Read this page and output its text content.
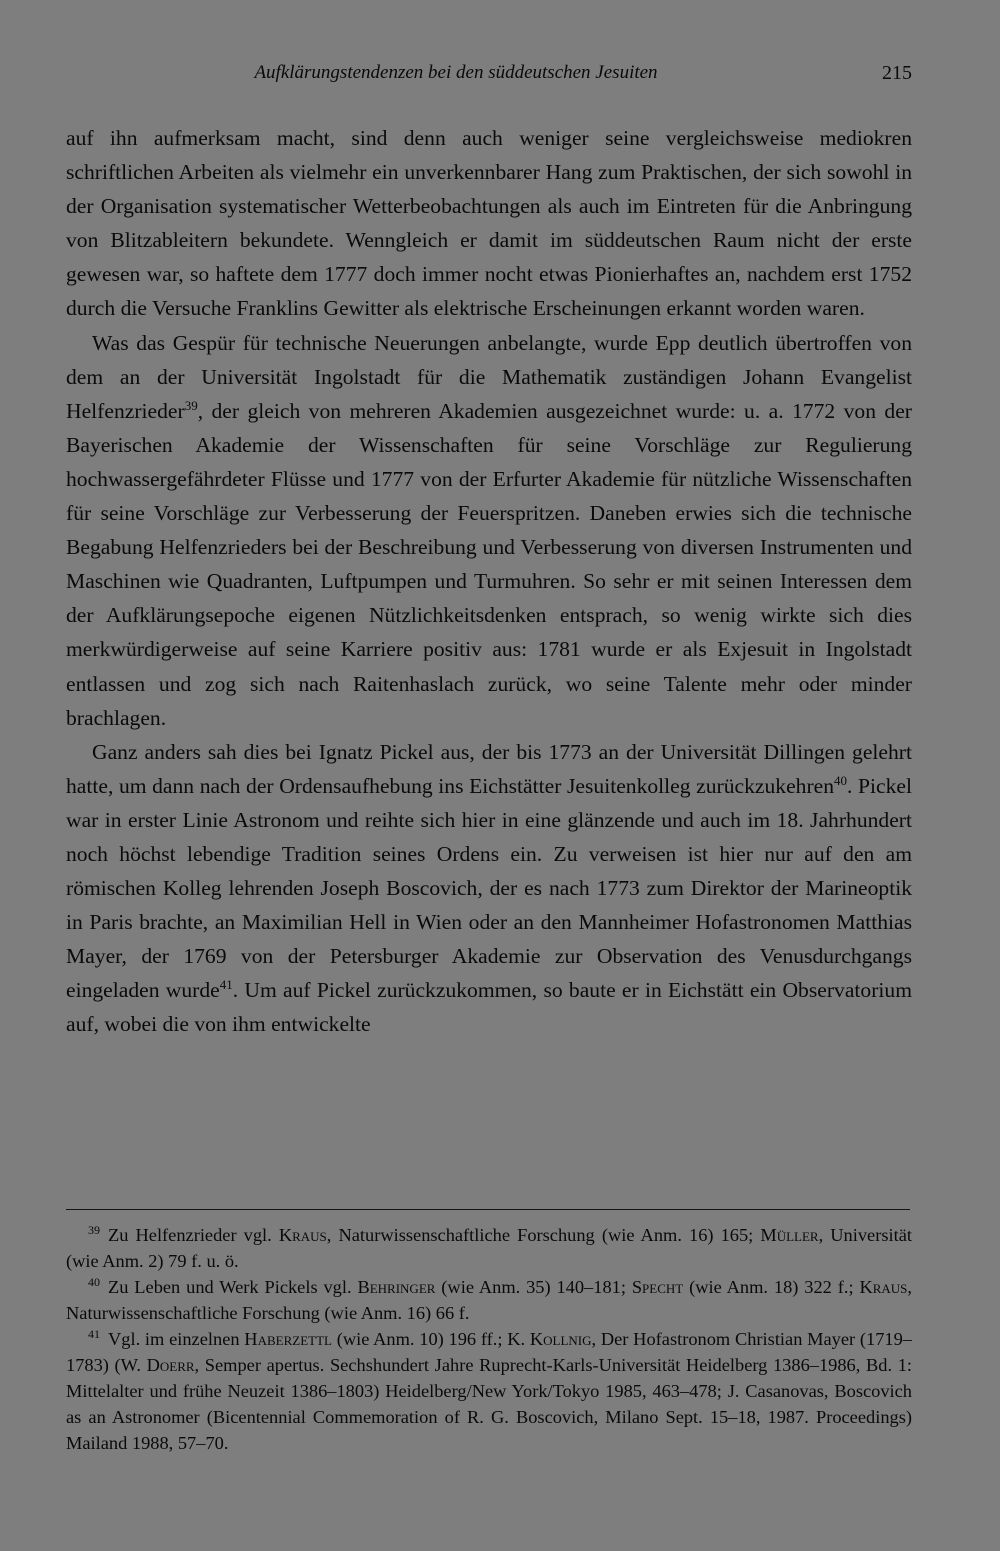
Aufklärungstendenzen bei den süddeutschen Jesuiten	215

auf ihn aufmerksam macht, sind denn auch weniger seine vergleichsweise mediokren schriftlichen Arbeiten als vielmehr ein unverkennbarer Hang zum Praktischen, der sich sowohl in der Organisation systematischer Wetterbeobachtungen als auch im Eintreten für die Anbringung von Blitzableitern bekundete. Wenngleich er damit im süddeutschen Raum nicht der erste gewesen war, so haftete dem 1777 doch immer nocht etwas Pionierhaftes an, nachdem erst 1752 durch die Versuche Franklins Gewitter als elektrische Erscheinungen erkannt worden waren.

Was das Gespür für technische Neuerungen anbelangte, wurde Epp deutlich übertroffen von dem an der Universität Ingolstadt für die Mathematik zuständigen Johann Evangelist Helfenzrieder$^{39}$, der gleich von mehreren Akademien ausgezeichnet wurde: u. a. 1772 von der Bayerischen Akademie der Wissenschaften für seine Vorschläge zur Regulierung hochwassergefährdeter Flüsse und 1777 von der Erfurter Akademie für nützliche Wissenschaften für seine Vorschläge zur Verbesserung der Feuerspritzen. Daneben erwies sich die technische Begabung Helfenzrieders bei der Beschreibung und Verbesserung von diversen Instrumenten und Maschinen wie Quadranten, Luftpumpen und Turmuhren. So sehr er mit seinen Interessen dem der Aufklärungsepoche eigenen Nützlichkeitsdenken entsprach, so wenig wirkte sich dies merkwürdigerweise auf seine Karriere positiv aus: 1781 wurde er als Exjesuit in Ingolstadt entlassen und zog sich nach Raitenhaslach zurück, wo seine Talente mehr oder minder brachlagen.

Ganz anders sah dies bei Ignatz Pickel aus, der bis 1773 an der Universität Dillingen gelehrt hatte, um dann nach der Ordensaufhebung ins Eichstätter Jesuitenkolleg zurückzukehren$^{40}$. Pickel war in erster Linie Astronom und reihte sich hier in eine glänzende und auch im 18. Jahrhundert noch höchst lebendige Tradition seines Ordens ein. Zu verweisen ist hier nur auf den am römischen Kolleg lehrenden Joseph Boscovich, der es nach 1773 zum Direktor der Marineoptik in Paris brachte, an Maximilian Hell in Wien oder an den Mannheimer Hofastronomen Matthias Mayer, der 1769 von der Petersburger Akademie zur Observation des Venusdurchgangs eingeladen wurde$^{41}$. Um auf Pickel zurückzukommen, so baute er in Eichstätt ein Observatorium auf, wobei die von ihm entwickelte

$^{39}$ Zu Helfenzrieder vgl. Kraus, Naturwissenschaftliche Forschung (wie Anm. 16) 165; Müller, Universität (wie Anm. 2) 79 f. u. ö.

$^{40}$ Zu Leben und Werk Pickels vgl. Behringer (wie Anm. 35) 140–181; Specht (wie Anm. 18) 322 f.; Kraus, Naturwissenschaftliche Forschung (wie Anm. 16) 66 f.

$^{41}$ Vgl. im einzelnen Haberzettl (wie Anm. 10) 196 ff.; K. Kollnig, Der Hofastronom Christian Mayer (1719–1783) (W. Doerr, Semper apertus. Sechshundert Jahre Ruprecht-Karls-Universität Heidelberg 1386–1986, Bd. 1: Mittelalter und frühe Neuzeit 1386–1803) Heidelberg/New York/Tokyo 1985, 463–478; J. Casanovas, Boscovich as an Astronomer (Bicentennial Commemoration of R. G. Boscovich, Milano Sept. 15–18, 1987. Proceedings) Mailand 1988, 57–70.
